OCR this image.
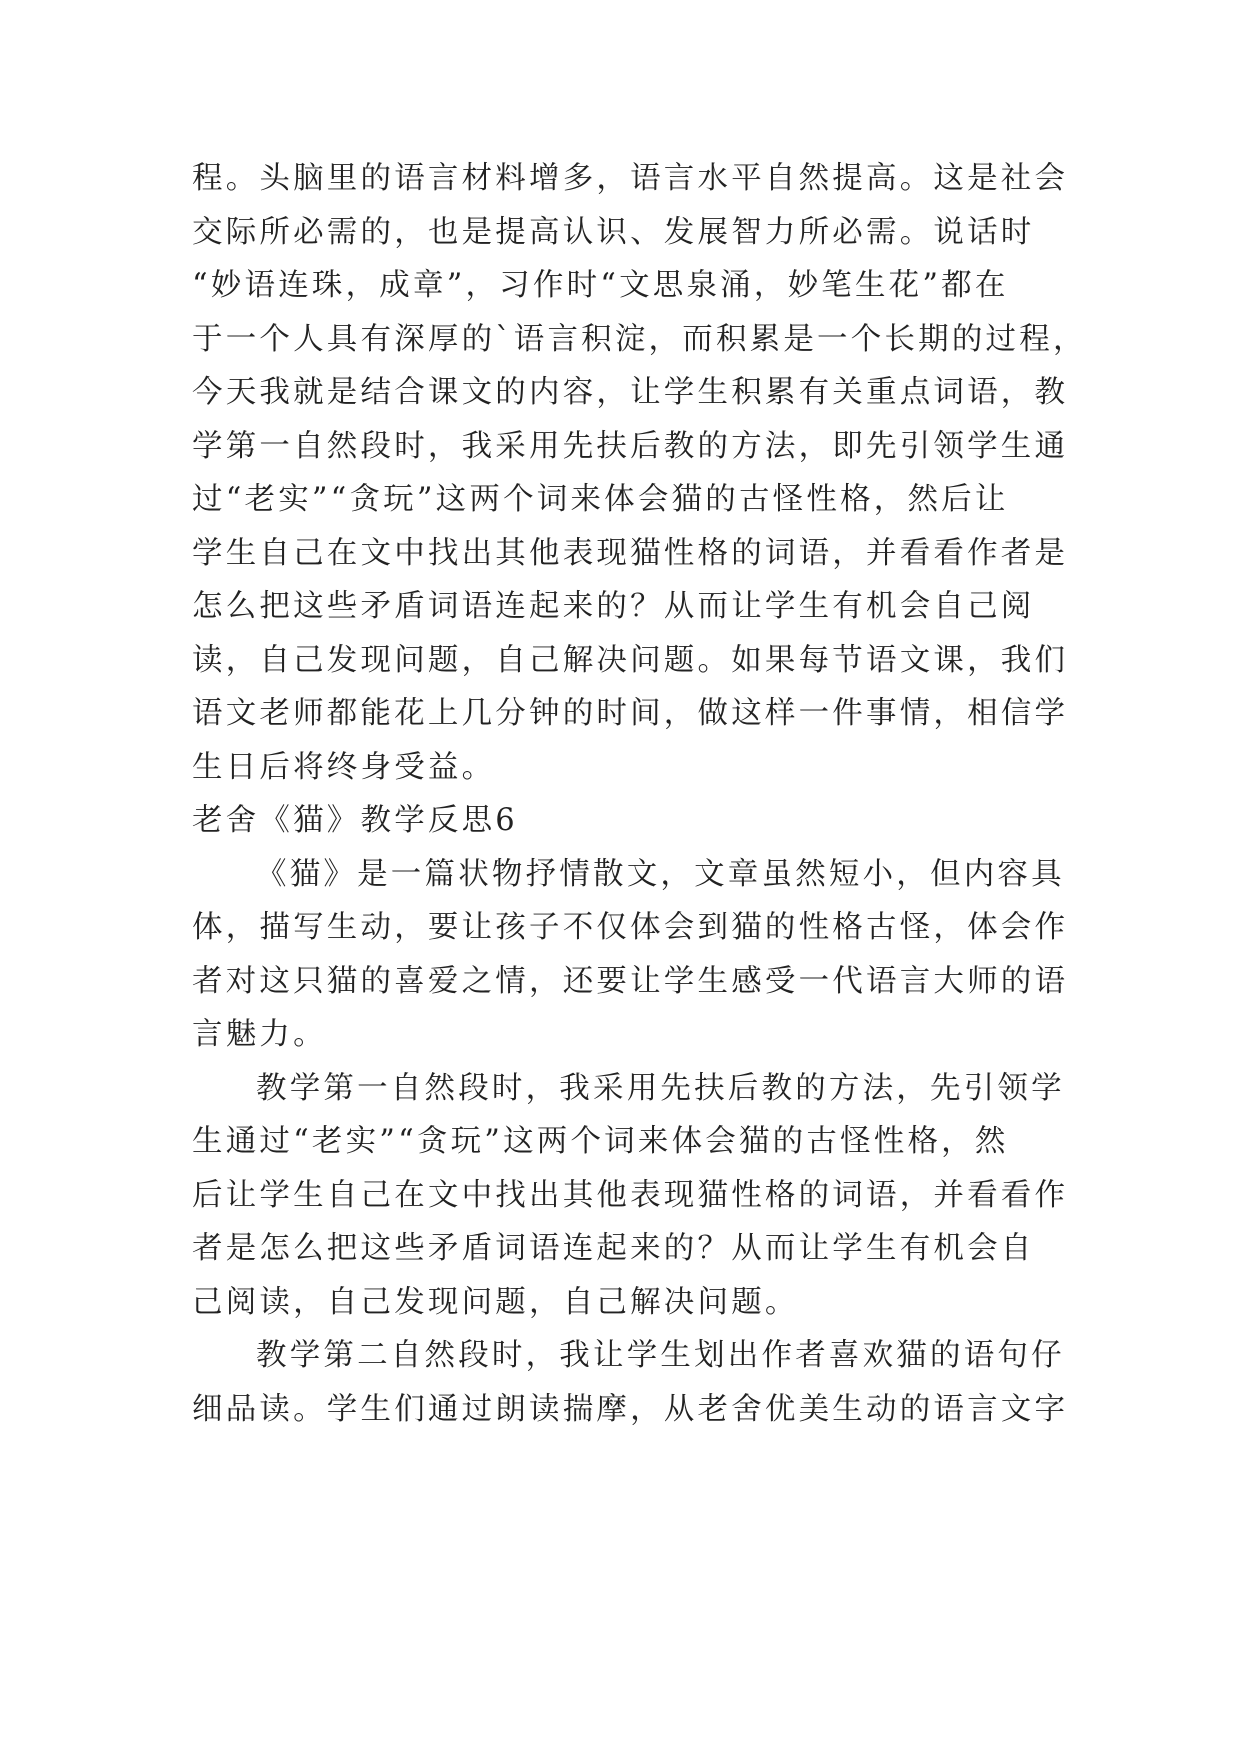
程。头脑里的语言材料增多，语言水平自然提高。这是社会
交际所必需的，也是提高认识、发展智力所必需。说话时
“妙语连珠，成章”，习作时“文思泉涌，妙笔生花”都在
于一个人具有深厚的`语言积淀，而积累是一个长期的过程，
今天我就是结合课文的内容，让学生积累有关重点词语，教
学第一自然段时，我采用先扶后教的方法，即先引领学生通
过“老实”“贪玩”这两个词来体会猫的古怪性格，然后让
学生自己在文中找出其他表现猫性格的词语，并看看作者是
怎么把这些矛盾词语连起来的？从而让学生有机会自己阅
读，自己发现问题，自己解决问题。如果每节语文课，我们
语文老师都能花上几分钟的时间，做这样一件事情，相信学
生日后将终身受益。
老舍《猫》教学反思6
《猫》是一篇状物抒情散文，文章虽然短小，但内容具
体，描写生动，要让孩子不仅体会到猫的性格古怪，体会作
者对这只猫的喜爱之情，还要让学生感受一代语言大师的语
言魅力。
教学第一自然段时，我采用先扶后教的方法，先引领学
生通过“老实”“贪玩”这两个词来体会猫的古怪性格，然
后让学生自己在文中找出其他表现猫性格的词语，并看看作
者是怎么把这些矛盾词语连起来的？从而让学生有机会自
己阅读，自己发现问题，自己解决问题。
教学第二自然段时，我让学生划出作者喜欢猫的语句仔
细品读。学生们通过朗读揣摩，从老舍优美生动的语言文字
